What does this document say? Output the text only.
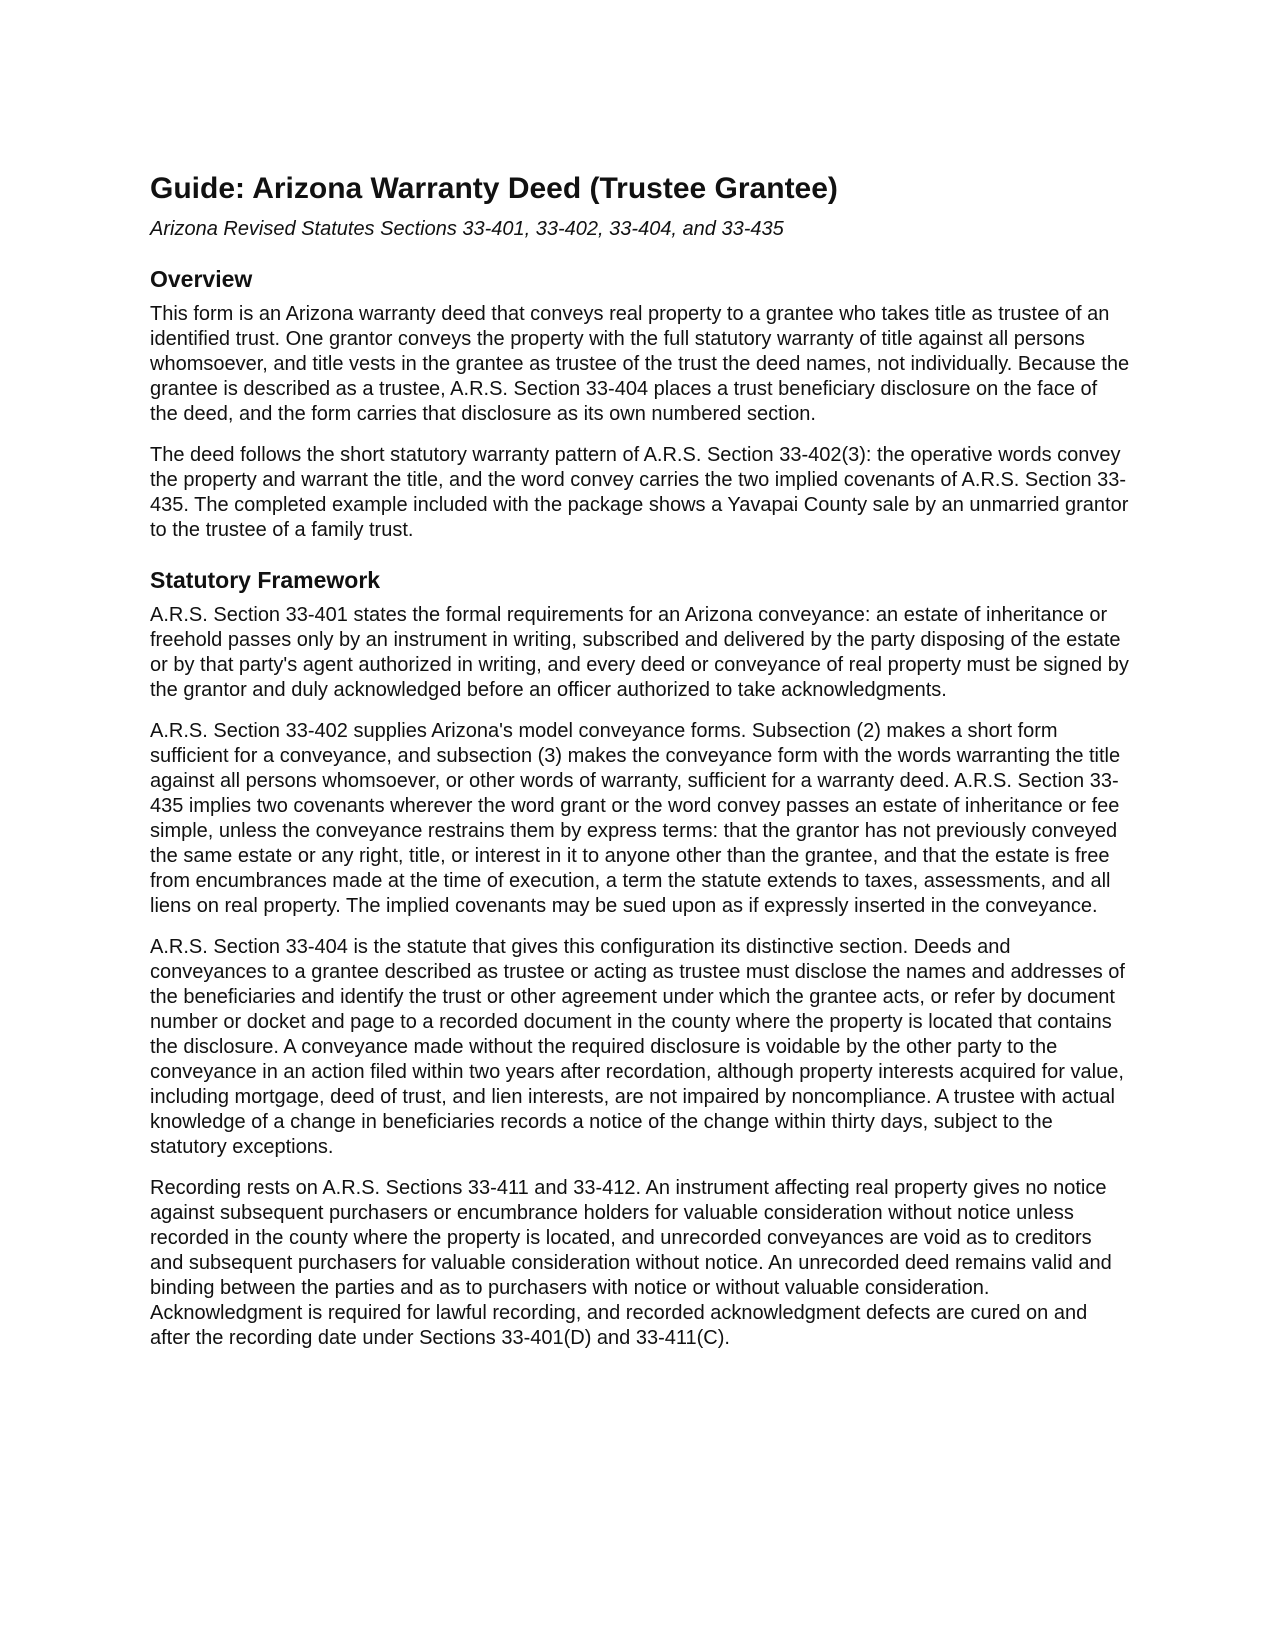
Guide: Arizona Warranty Deed (Trustee Grantee)
Arizona Revised Statutes Sections 33-401, 33-402, 33-404, and 33-435
Overview

This form is an Arizona warranty deed that conveys real property to a grantee who takes title as trustee of an identified trust. One grantor conveys the property with the full statutory warranty of title against all persons whomsoever, and title vests in the grantee as trustee of the trust the deed names, not individually. Because the grantee is described as a trustee, A.R.S. Section 33-404 places a trust beneficiary disclosure on the face of the deed, and the form carries that disclosure as its own numbered section.

The deed follows the short statutory warranty pattern of A.R.S. Section 33-402(3): the operative words convey the property and warrant the title, and the word convey carries the two implied covenants of A.R.S. Section 33-435. The completed example included with the package shows a Yavapai County sale by an unmarried grantor to the trustee of a family trust.

Statutory Framework

A.R.S. Section 33-401 states the formal requirements for an Arizona conveyance: an estate of inheritance or freehold passes only by an instrument in writing, subscribed and delivered by the party disposing of the estate or by that party's agent authorized in writing, and every deed or conveyance of real property must be signed by the grantor and duly acknowledged before an officer authorized to take acknowledgments.

A.R.S. Section 33-402 supplies Arizona's model conveyance forms. Subsection (2) makes a short form sufficient for a conveyance, and subsection (3) makes the conveyance form with the words warranting the title against all persons whomsoever, or other words of warranty, sufficient for a warranty deed. A.R.S. Section 33-435 implies two covenants wherever the word grant or the word convey passes an estate of inheritance or fee simple, unless the conveyance restrains them by express terms: that the grantor has not previously conveyed the same estate or any right, title, or interest in it to anyone other than the grantee, and that the estate is free from encumbrances made at the time of execution, a term the statute extends to taxes, assessments, and all liens on real property. The implied covenants may be sued upon as if expressly inserted in the conveyance.

A.R.S. Section 33-404 is the statute that gives this configuration its distinctive section. Deeds and conveyances to a grantee described as trustee or acting as trustee must disclose the names and addresses of the beneficiaries and identify the trust or other agreement under which the grantee acts, or refer by document number or docket and page to a recorded document in the county where the property is located that contains the disclosure. A conveyance made without the required disclosure is voidable by the other party to the conveyance in an action filed within two years after recordation, although property interests acquired for value, including mortgage, deed of trust, and lien interests, are not impaired by noncompliance. A trustee with actual knowledge of a change in beneficiaries records a notice of the change within thirty days, subject to the statutory exceptions.

Recording rests on A.R.S. Sections 33-411 and 33-412. An instrument affecting real property gives no notice against subsequent purchasers or encumbrance holders for valuable consideration without notice unless recorded in the county where the property is located, and unrecorded conveyances are void as to creditors and subsequent purchasers for valuable consideration without notice. An unrecorded deed remains valid and binding between the parties and as to purchasers with notice or without valuable consideration. Acknowledgment is required for lawful recording, and recorded acknowledgment defects are cured on and after the recording date under Sections 33-401(D) and 33-411(C).
